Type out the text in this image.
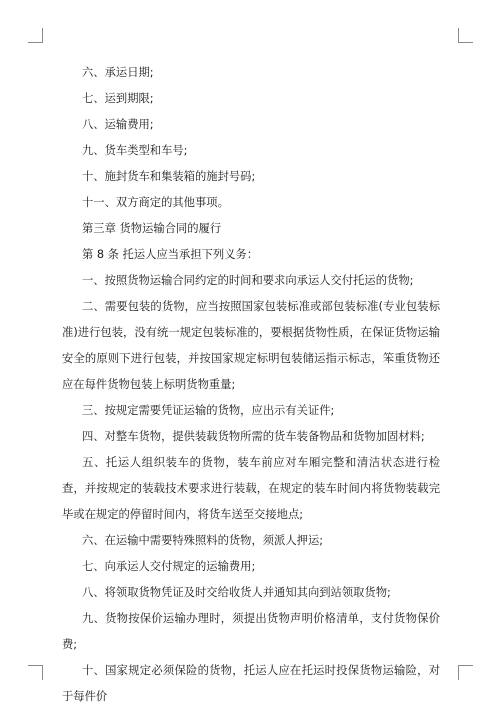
六、承运日期;

七、运到期限;

八、运输费用;

九、货车类型和车号;

十、施封货车和集装箱的施封号码;

十一、双方商定的其他事项。

第三章 货物运输合同的履行

第 8 条 托运人应当承担下列义务：

一、按照货物运输合同约定的时间和要求向承运人交付托运的货物;

二、需要包装的货物，应当按照国家包装标准或部包装标准(专业包装标准)进行包装，没有统一规定包装标准的，要根据货物性质，在保证货物运输安全的原则下进行包装，并按国家规定标明包装储运指示标志，笨重货物还应在每件货物包装上标明货物重量;

三、按规定需要凭证运输的货物，应出示有关证件;

四、对整车货物，提供装载货物所需的货车装备物品和货物加固材料;

五、托运人组织装车的货物，装车前应对车厢完整和清洁状态进行检查，并按规定的装载技术要求进行装载，在规定的装车时间内将货物装载完毕或在规定的停留时间内，将货车送至交接地点;

六、在运输中需要特殊照料的货物，须派人押运;

七、向承运人交付规定的运输费用;

八、将领取货物凭证及时交给收货人并通知其向到站领取货物;

九、货物按保价运输办理时，须提出货物声明价格清单，支付货物保价费;

十、国家规定必须保险的货物，托运人应在托运时投保货物运输险，对于每件价
